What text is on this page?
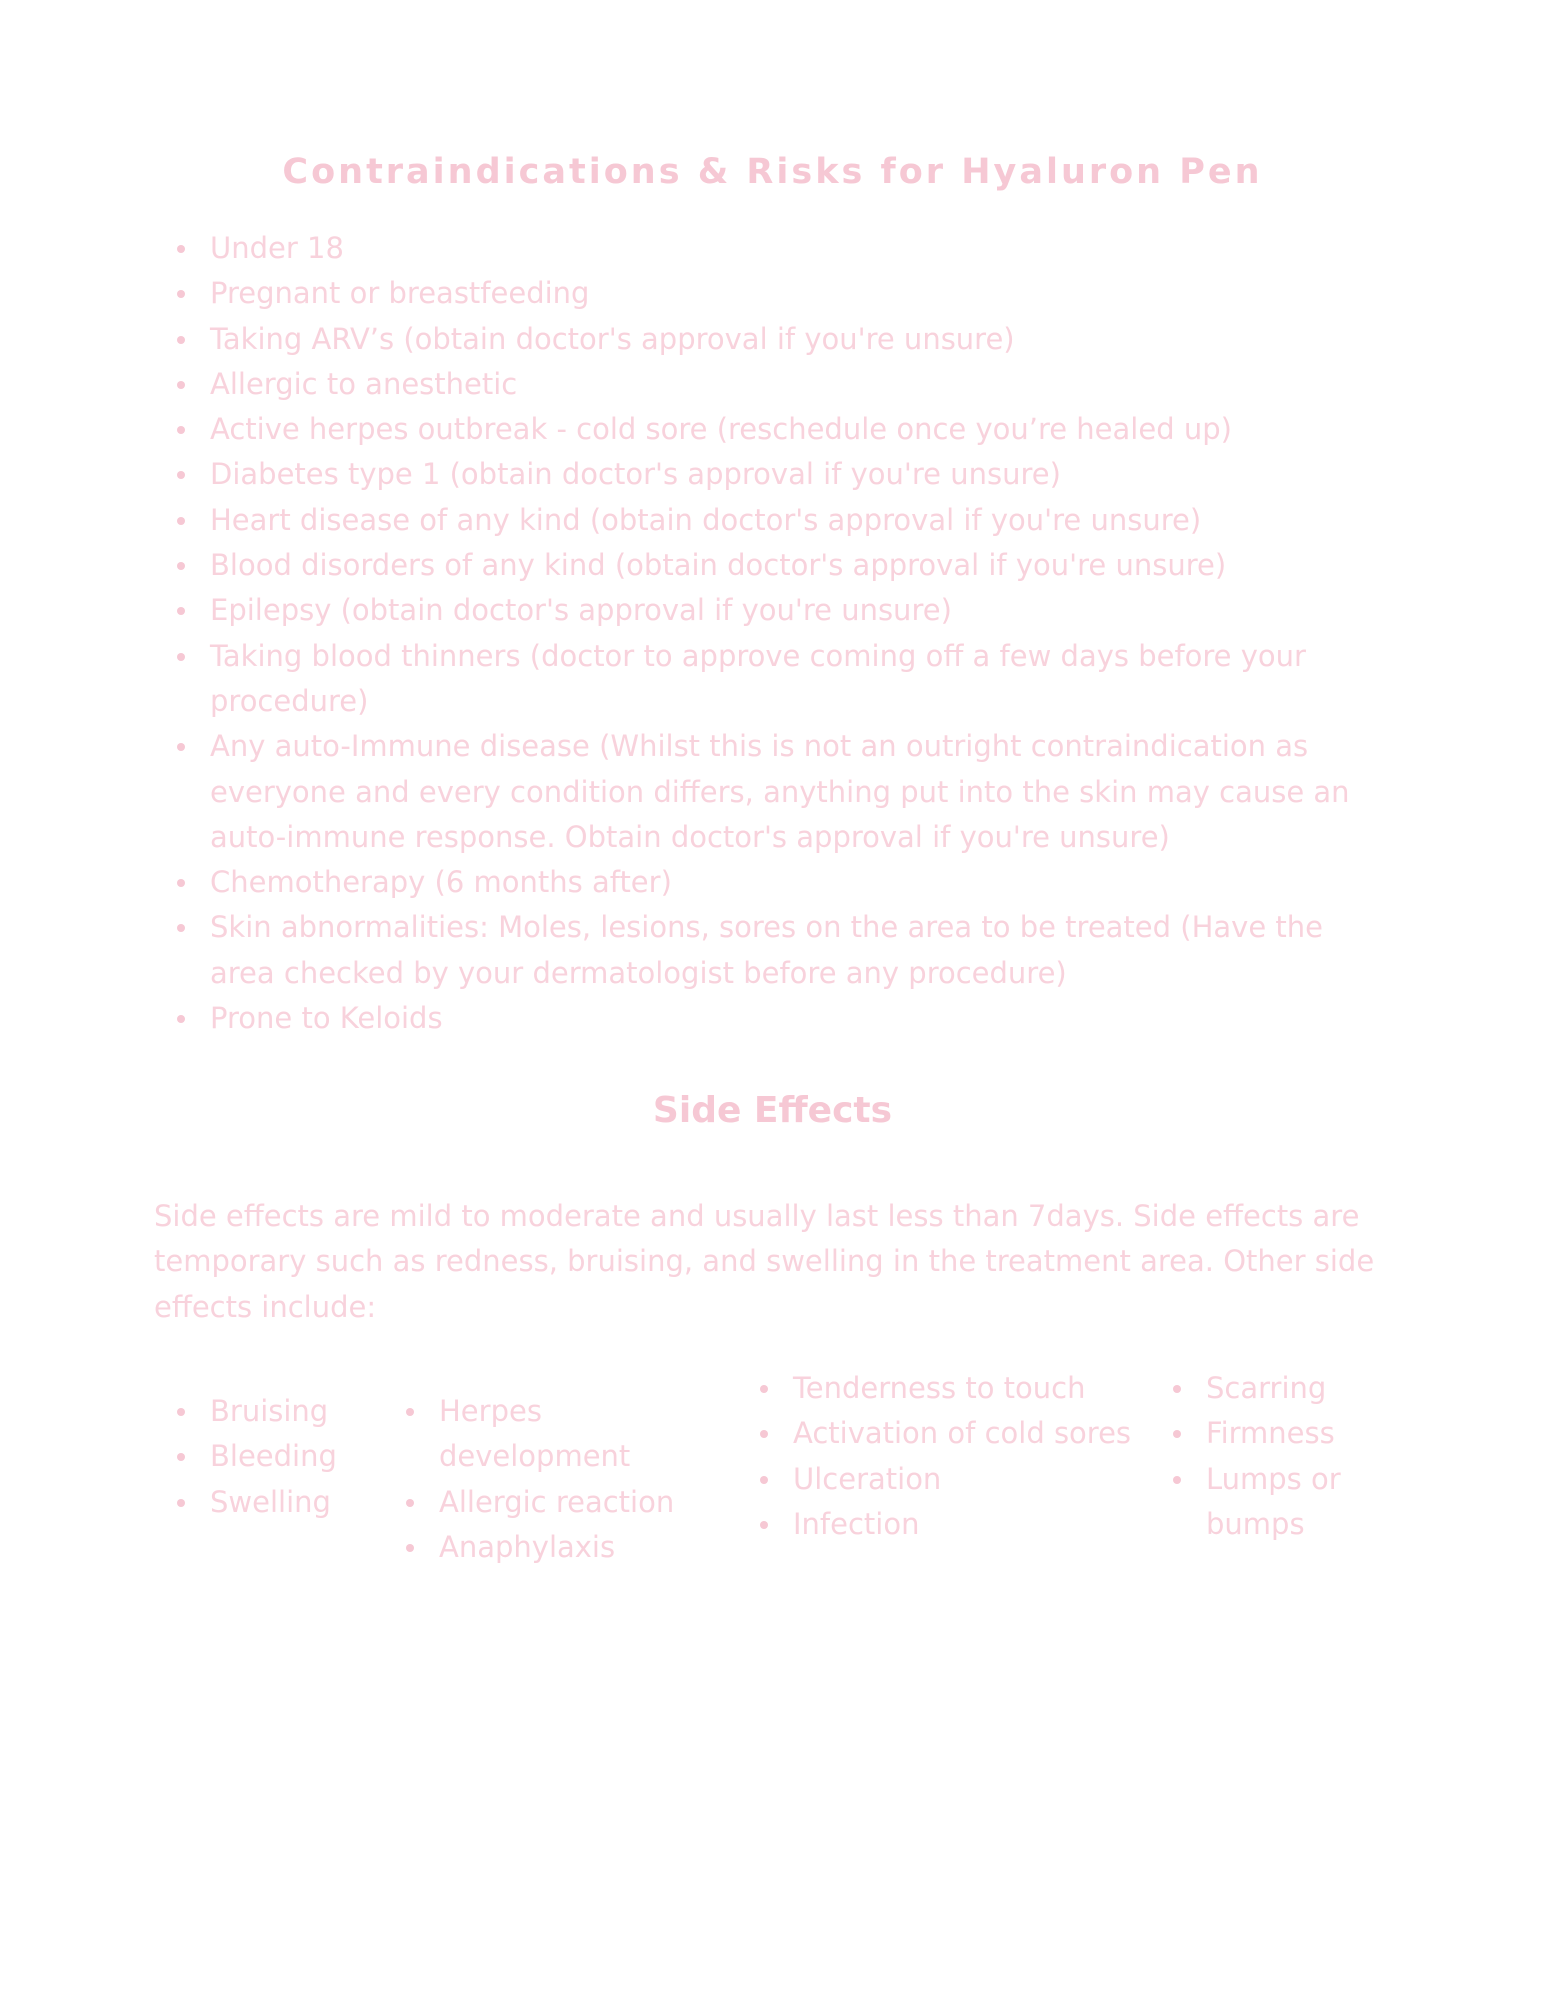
Contraindications & Risks for Hyaluron Pen
Under 18
Pregnant or breastfeeding
Taking ARV’s (obtain doctor's approval if you're unsure)
Allergic to anesthetic
Active herpes outbreak - cold sore (reschedule once you’re healed up)
Diabetes type 1 (obtain doctor's approval if you're unsure)
Heart disease of any kind (obtain doctor's approval if you're unsure)
Blood disorders of any kind (obtain doctor's approval if you're unsure)
Epilepsy (obtain doctor's approval if you're unsure)
Taking blood thinners (doctor to approve coming off a few days before your procedure)
Any auto-Immune disease (Whilst this is not an outright contraindication as everyone and every condition differs, anything put into the skin may cause an auto-immune response. Obtain doctor's approval if you're unsure)
Chemotherapy (6 months after)
Skin abnormalities: Moles, lesions, sores on the area to be treated (Have the area checked by your dermatologist before any procedure)
Prone to Keloids
Side Effects

Side effects are mild to moderate and usually last less than 7days. Side effects are temporary such as redness, bruising, and swelling in the treatment area. Other side effects include:

Bruising
Bleeding
Swelling
Herpes development
Allergic reaction
Anaphylaxis
Tenderness to touch
Activation of cold sores
Ulceration
Infection
Scarring
Firmness
Lumps or bumps
